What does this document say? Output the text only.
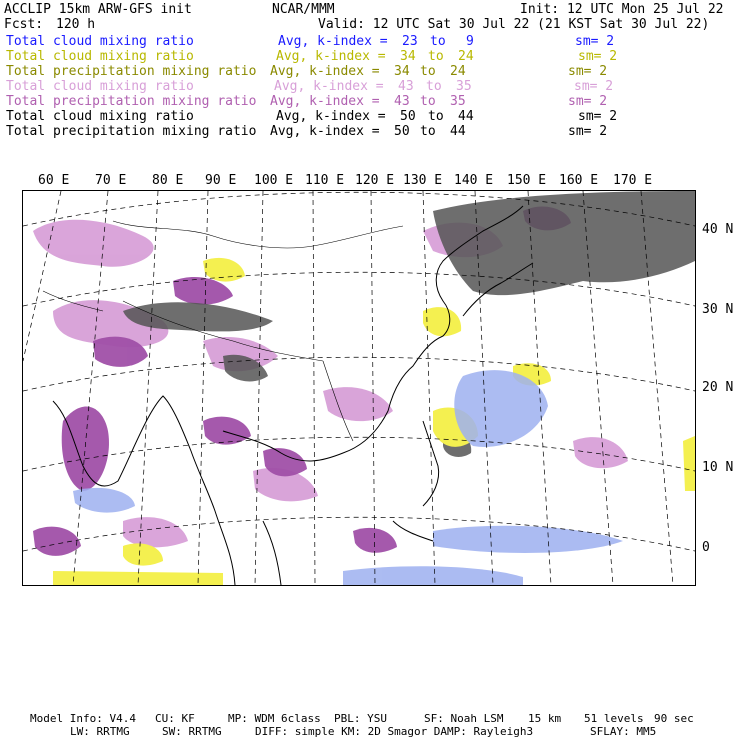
ACCLIP 15km ARW-GFS init	NCAR/MMM	Init: 12 UTC Mon 25 Jul 22
Fcst: 120 h	Valid: 12 UTC Sat 30 Jul 22 (21 KST Sat 30 Jul 22)
Total cloud mixing ratio	Avg, k-index = 23 to 9	sm= 2
Total cloud mixing ratio	Avg, k-index = 34 to 24	sm= 2
Total precipitation mixing ratio Avg, k-index = 34 to 24	sm= 2
Total cloud mixing ratio	Avg, k-index = 43 to 35	sm= 2
Total precipitation mixing ratio Avg, k-index = 43 to 35	sm= 2
Total cloud mixing ratio	Avg, k-index = 50 to 44	sm= 2
Total precipitation mixing ratio Avg, k-index = 50 to 44	sm= 2
60 E 70 E 80 E 90 E 100 E 110 E 120 E 130 E 140 E 150 E 160 E 170 E
40 N
30 N
20 N
10 N
0
Model Info: V4.4 CU: KF	MP: WDM 6class PBL: YSU	SF: Noah LSM 15 km 51 levels 90 sec
LW: RRTMG	SW: RRTMG	DIFF: simple KM: 2D Smagor DAMP: Rayleigh3	SFLAY: MM5
